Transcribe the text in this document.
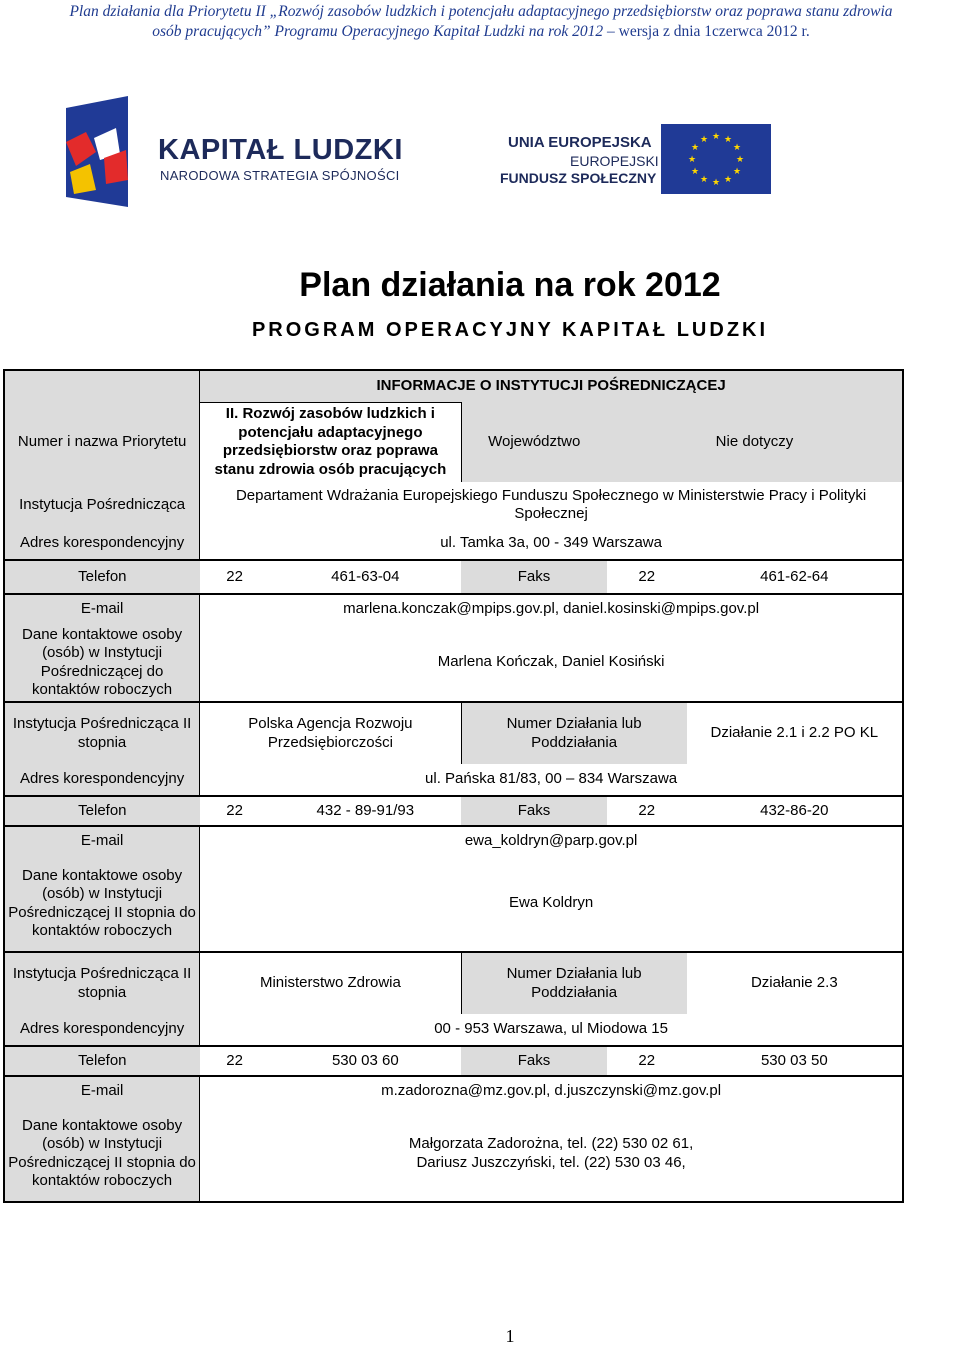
Plan działania dla Priorytetu II „Rozwój zasobów ludzkich i potencjału adaptacyjnego przedsiębiorstw oraz poprawa stanu zdrowia
osób pracujących” Programu Operacyjnego Kapitał Ludzki na rok 2012 – wersja z dnia 1czerwca 2012 r.
KAPITAŁ LUDZKI
NARODOWA STRATEGIA SPÓJNOŚCI
UNIA EUROPEJSKA
EUROPEJSKI
FUNDUSZ SPOŁECZNY
★ ★
★
★
★
★
★
★
★
★
★
★
Plan działania na rok 2012
PROGRAM OPERACYJNY KAPITAŁ LUDZKI
	INFORMACJE O INSTYTUCJI POŚREDNICZĄCEJ				
Numer i nazwa Priorytetu	II. Rozwój zasobów ludzkich i potencjału adaptacyjnego przedsiębiorstw oraz poprawa stanu zdrowia osób pracujących		Województwo	Nie dotyczy	
Instytucja Pośrednicząca	Departament Wdrażania Europejskiego Funduszu Społecznego w Ministerstwie Pracy i Polityki Społecznej				
Adres korespondencyjny	ul. Tamka 3a, 00 - 349 Warszawa				
Telefon	22	461-63-04	Faks	22	461-62-64
E-mail	marlena.konczak@mpips.gov.pl, daniel.kosinski@mpips.gov.pl				
Dane kontaktowe osoby (osób) w Instytucji Pośredniczącej do kontaktów roboczych	Marlena Kończak, Daniel Kosiński				
Instytucja Pośrednicząca II stopnia	Polska Agencja Rozwoju Przedsiębiorczości		Numer Działania lub Poddziałania		Działanie 2.1 i 2.2 PO KL
Adres korespondencyjny	ul. Pańska 81/83, 00 – 834 Warszawa				
Telefon	22	432 - 89-91/93	Faks	22	432-86-20
E-mail	ewa_koldryn@parp.gov.pl				
Dane kontaktowe osoby (osób) w Instytucji Pośredniczącej II stopnia do kontaktów roboczych	Ewa Koldryn				
Instytucja Pośrednicząca II stopnia	Ministerstwo Zdrowia		Numer Działania lub Poddziałania		Działanie 2.3
Adres korespondencyjny	00 - 953 Warszawa, ul Miodowa 15				
Telefon	22	530 03 60	Faks	22	530 03 50
E-mail	m.zadorozna@mz.gov.pl, d.juszczynski@mz.gov.pl				
Dane kontaktowe osoby (osób) w Instytucji Pośredniczącej II stopnia do kontaktów roboczych	Małgorzata Zadorożna, tel. (22) 530 02 61,
Dariusz Juszczyński, tel. (22) 530 03 46,				
1
